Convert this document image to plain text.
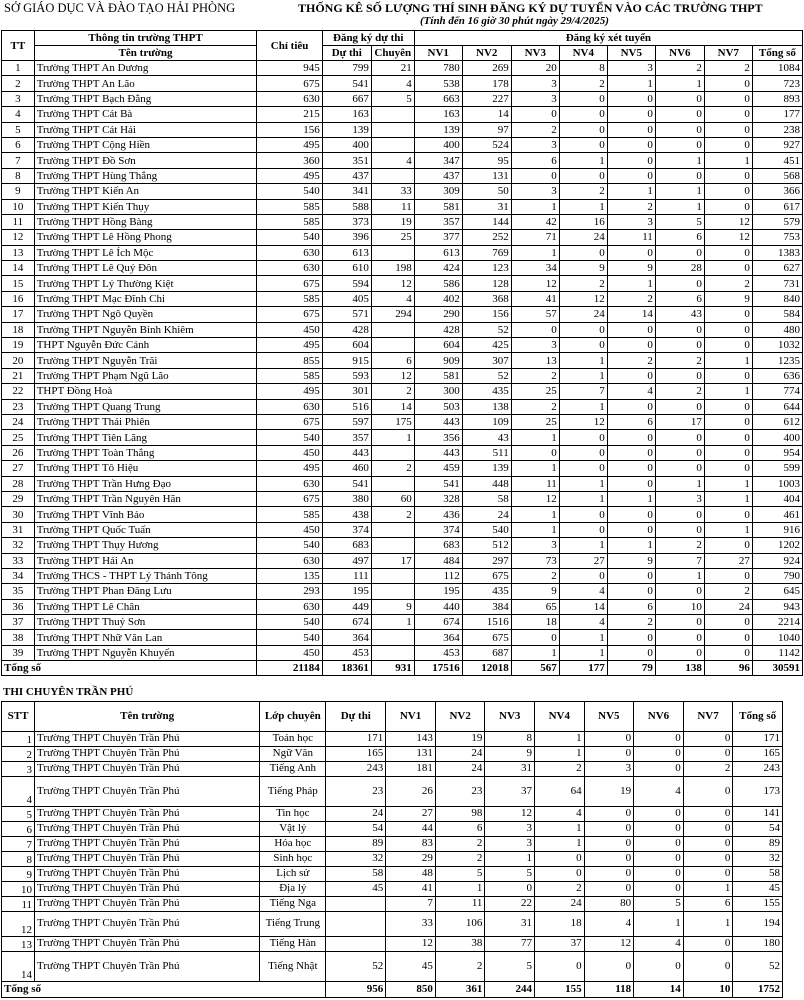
SỞ GIÁO DỤC VÀ ĐÀO TẠO HẢI PHÒNG	THỐNG KÊ SỐ LƯỢNG THÍ SINH ĐĂNG KÝ DỰ TUYỂN VÀO CÁC TRƯỜNG THPT
(Tính đến 16 giờ 30 phút ngày 29/4/2025)
TT	Thông tin trường THPT	Chỉ tiêu	Đăng ký dự thi		Đăng ký xét tuyển							
	Tên trường		Dự thi	Chuyên	NV1	NV2	NV3	NV4	NV5	NV6	NV7	Tổng số
1	Trường THPT An Dương	945	799	21	780	269	20	8	3	2	2	1084
2	Trường THPT An Lão	675	541	4	538	178	3	2	1	1	0	723
3	Trường THPT Bạch Đằng	630	667	5	663	227	3	0	0	0	0	893
4	Trường THPT Cát Bà	215	163		163	14	0	0	0	0	0	177
5	Trường THPT Cát Hải	156	139		139	97	2	0	0	0	0	238
6	Trường THPT Cộng Hiền	495	400		400	524	3	0	0	0	0	927
7	Trường THPT Đồ Sơn	360	351	4	347	95	6	1	0	1	1	451
8	Trường THPT Hùng Thắng	495	437		437	131	0	0	0	0	0	568
9	Trường THPT Kiến An	540	341	33	309	50	3	2	1	1	0	366
10	Trường THPT Kiến Thụy	585	588	11	581	31	1	1	2	1	0	617
11	Trường THPT Hồng Bàng	585	373	19	357	144	42	16	3	5	12	579
12	Trường THPT Lê Hồng Phong	540	396	25	377	252	71	24	11	6	12	753
13	Trường THPT Lê Ích Mộc	630	613		613	769	1	0	0	0	0	1383
14	Trường THPT Lê Quý Đôn	630	610	198	424	123	34	9	9	28	0	627
15	Trường THPT Lý Thường Kiệt	675	594	12	586	128	12	2	1	0	2	731
16	Trường THPT Mạc Đĩnh Chi	585	405	4	402	368	41	12	2	6	9	840
17	Trường THPT Ngô Quyền	675	571	294	290	156	57	24	14	43	0	584
18	Trường THPT Nguyễn Bỉnh Khiêm	450	428		428	52	0	0	0	0	0	480
19	THPT Nguyễn Đức Cảnh	495	604		604	425	3	0	0	0	0	1032
20	Trường THPT Nguyễn Trãi	855	915	6	909	307	13	1	2	2	1	1235
21	Trường THPT Phạm Ngũ Lão	585	593	12	581	52	2	1	0	0	0	636
22	THPT Đồng Hoà	495	301	2	300	435	25	7	4	2	1	774
23	Trường THPT Quang Trung	630	516	14	503	138	2	1	0	0	0	644
24	Trường THPT Thái Phiên	675	597	175	443	109	25	12	6	17	0	612
25	Trường THPT Tiên Lãng	540	357	1	356	43	1	0	0	0	0	400
26	Trường THPT Toàn Thắng	450	443		443	511	0	0	0	0	0	954
27	Trường THPT Tô Hiệu	495	460	2	459	139	1	0	0	0	0	599
28	Trường THPT Trần Hưng Đạo	630	541		541	448	11	1	0	1	1	1003
29	Trường THPT Trần Nguyên Hãn	675	380	60	328	58	12	1	1	3	1	404
30	Trường THPT Vĩnh Bảo	585	438	2	436	24	1	0	0	0	0	461
31	Trường THPT Quốc Tuấn	450	374		374	540	1	0	0	0	1	916
32	Trường THPT Thụy Hương	540	683		683	512	3	1	1	2	0	1202
33	Trường THPT Hải An	630	497	17	484	297	73	27	9	7	27	924
34	Trường THCS - THPT Lý Thánh Tông	135	111		112	675	2	0	0	1	0	790
35	Trường THPT Phan Đăng Lưu	293	195		195	435	9	4	0	0	2	645
36	Trường THPT Lê Chân	630	449	9	440	384	65	14	6	10	24	943
37	Trường THPT Thuỷ Sơn	540	674	1	674	1516	18	4	2	0	0	2214
38	Trường THPT Nhữ Văn Lan	540	364		364	675	0	1	0	0	0	1040
39	Trường THPT Nguyễn Khuyến	450	453		453	687	1	1	0	0	0	1142
Tổng số		21184	18361	931	17516	12018	567	177	79	138	96	30591
THI CHUYÊN TRẦN PHÚ
STT	Tên trường	Lớp chuyên	Dự thi	NV1	NV2	NV3	NV4	NV5	NV6	NV7	Tổng số
1	Trường THPT Chuyên Trần Phú	Toán học	171	143	19	8	1	0	0	0	171
2	Trường THPT Chuyên Trần Phú	Ngữ Văn	165	131	24	9	1	0	0	0	165
3	Trường THPT Chuyên Trần Phú	Tiếng Anh	243	181	24	31	2	3	0	2	243
4	Trường THPT Chuyên Trần Phú	Tiếng Pháp	23	26	23	37	64	19	4	0	173
5	Trường THPT Chuyên Trần Phú	Tin học	24	27	98	12	4	0	0	0	141
6	Trường THPT Chuyên Trần Phú	Vật lý	54	44	6	3	1	0	0	0	54
7	Trường THPT Chuyên Trần Phú	Hóa học	89	83	2	3	1	0	0	0	89
8	Trường THPT Chuyên Trần Phú	Sinh học	32	29	2	1	0	0	0	0	32
9	Trường THPT Chuyên Trần Phú	Lịch sử	58	48	5	5	0	0	0	0	58
10	Trường THPT Chuyên Trần Phú	Địa lý	45	41	1	0	2	0	0	1	45
11	Trường THPT Chuyên Trần Phú	Tiếng Nga		7	11	22	24	80	5	6	155
12	Trường THPT Chuyên Trần Phú	Tiếng Trung		33	106	31	18	4	1	1	194
13	Trường THPT Chuyên Trần Phú	Tiếng Hàn		12	38	77	37	12	4	0	180
14	Trường THPT Chuyên Trần Phú	Tiếng Nhật	52	45	2	5	0	0	0	0	52
Tổng số			956	850	361	244	155	118	14	10	1752
